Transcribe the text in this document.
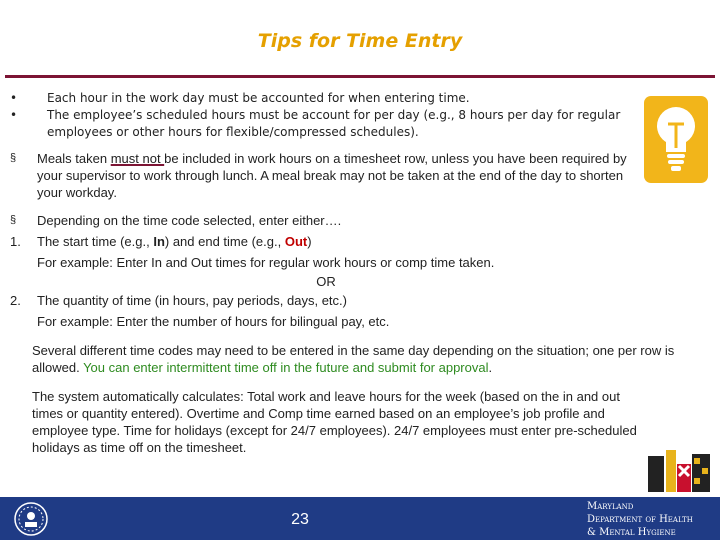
Tips for Time Entry
• Each hour in the work day must be accounted for when entering time.
• The employee’s scheduled hours must be account for per day (e.g., 8 hours per day for regular employees or other hours for flexible/compressed schedules).
§	Meals taken must not be included in work hours on a timesheet row, unless you have been required by your supervisor to work through lunch. A meal break may not be taken at the end of the day to shorten your workday.
§	Depending on the time code selected, enter either….
1.	The start time (e.g., In) and end time (e.g., Out)
For example: Enter In and Out times for regular work hours or comp time taken.
OR
2.	The quantity of time (in hours, pay periods, days, etc.)
For example: Enter the number of hours for bilingual pay, etc.
Several different time codes may need to be entered in the same day depending on the situation; one per row is allowed. You can enter intermittent time off in the future and submit for approval.
The system automatically calculates: Total work and leave hours for the week (based on the in and out times or quantity entered). Overtime and Comp time earned based on an employee’s job profile and employee type. Time for holidays (except for 24/7 employees). 24/7 employees must enter pre-scheduled holidays as time off on the timesheet.
23
Maryland
Department of Health
& Mental Hygiene
